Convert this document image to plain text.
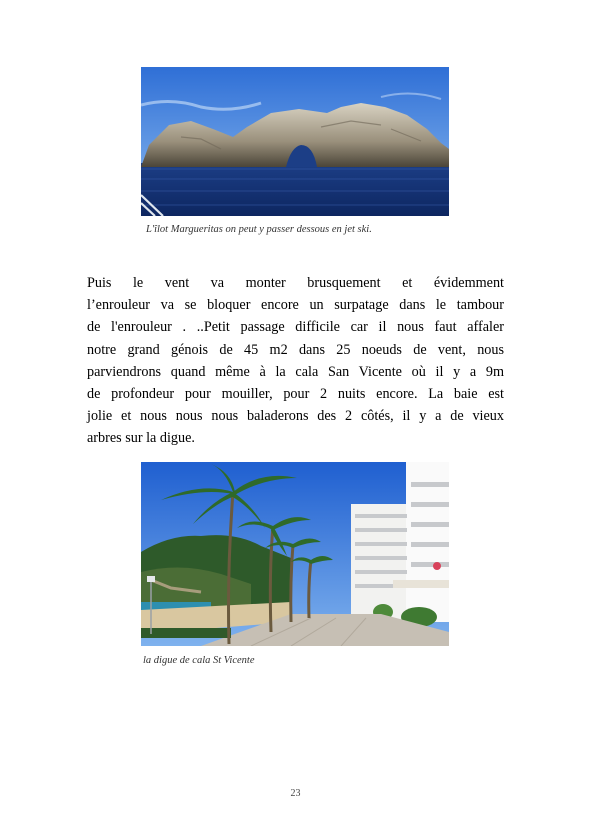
L'îlot Margueritas on peut y passer dessous en jet ski.
Puis le vent va monter brusquement et évidemment
l’enrouleur va se bloquer encore un surpatage dans le tambour
de l'enrouleur . ..Petit passage difficile car il nous faut affaler
notre grand génois de 45 m2 dans 25 noeuds de vent, nous
parviendrons quand même à la cala San Vicente où il y a 9m
de profondeur pour mouiller, pour 2 nuits encore. La baie est
jolie et nous nous nous baladerons des 2 côtés, il y a de vieux
arbres sur la digue.
la digue de cala St Vicente
23
